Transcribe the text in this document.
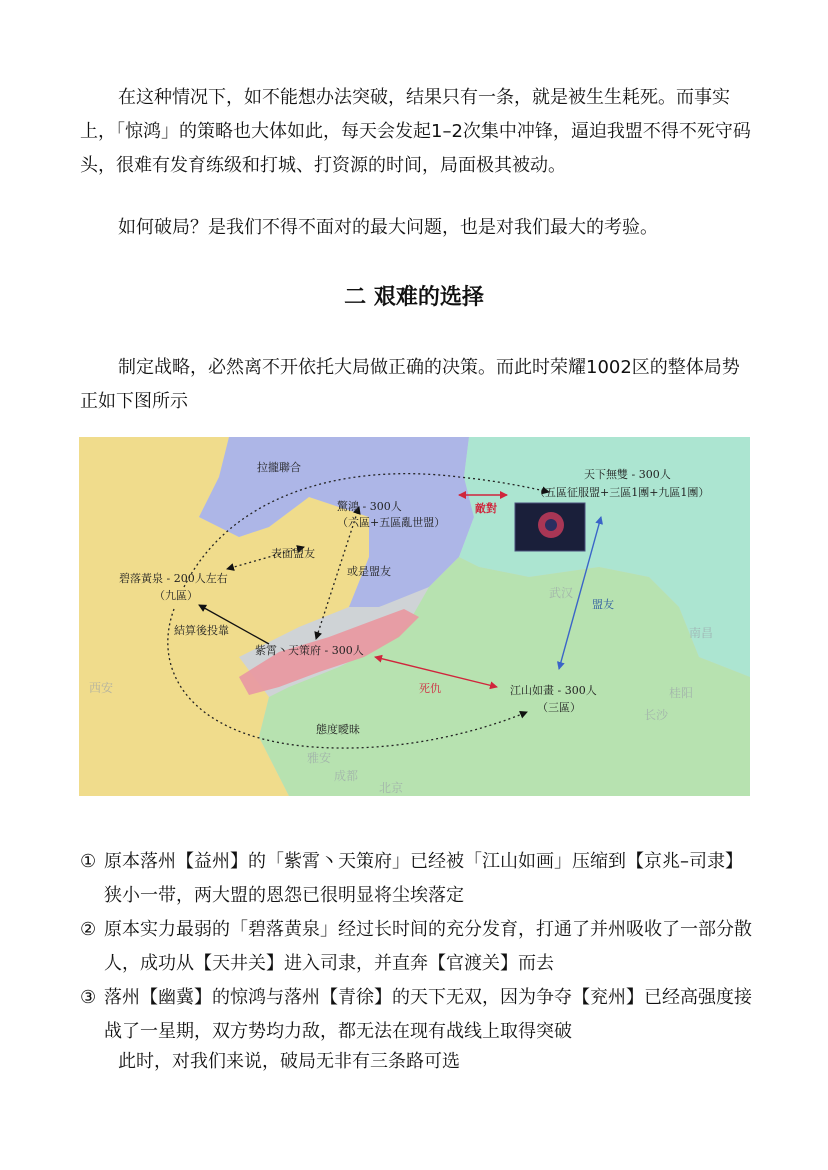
在这种情况下，如不能想办法突破，结果只有一条，就是被生生耗死。而事实上，「惊鸿」的策略也大体如此，每天会发起1–2次集中冲锋，逼迫我盟不得不死守码头，很难有发育练级和打城、打资源的时间，局面极其被动。

如何破局？是我们不得不面对的最大问题，也是对我们最大的考验。

二 艰难的选择

制定战略，必然离不开依托大局做正确的决策。而此时荣耀1002区的整体局势正如下图所示

北京
成都
长沙
桂阳
武汉
西安
雅安
南昌
拉攏聯合
敵對
表面盟友
或是盟友
盟友
結算後投靠
死仇
態度曖昧
驚鴻 - 300人
（六區+五區亂世盟）
天下無雙 - 300人
（五區征服盟+三區1團+九區1團）
碧落黃泉 - 200人左右
（九區）
紫霄丶天策府 - 300人
江山如畫 - 300人
（三區）
① 原本落州【益州】的「紫霄丶天策府」已经被「江山如画」压缩到【京兆–司隶】狭小一带，两大盟的恩怨已很明显将尘埃落定
② 原本实力最弱的「碧落黄泉」经过长时间的充分发育，打通了并州吸收了一部分散人，成功从【天井关】进入司隶，并直奔【官渡关】而去
③ 落州【幽冀】的惊鸿与落州【青徐】的天下无双，因为争夺【兖州】已经高强度接战了一星期，双方势均力敌，都无法在现有战线上取得突破
此时，对我们来说，破局无非有三条路可选
